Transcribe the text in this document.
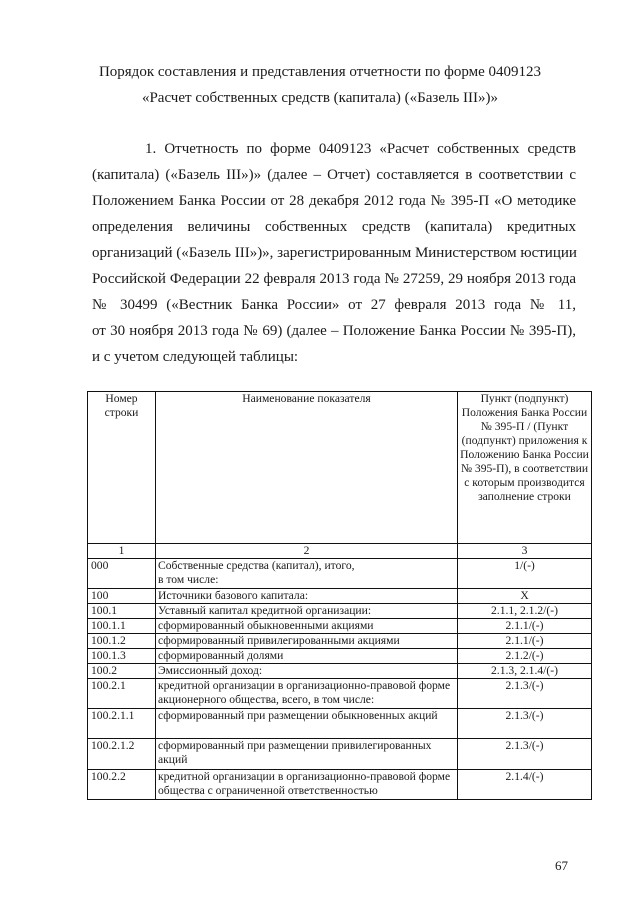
Порядок составления и представления отчетности по форме 0409123
«Расчет собственных средств (капитала) («Базель III»)»
1. Отчетность по форме 0409123 «Расчет собственных средств
(капитала) («Базель III»)» (далее – Отчет) составляется в соответствии с
Положением Банка России от 28 декабря 2012 года № 395-П «О методике
определения величины собственных средств (капитала) кредитных
организаций («Базель III»)», зарегистрированным Министерством юстиции
Российской Федерации 22 февраля 2013 года № 27259, 29 ноября 2013 года
№ 30499 («Вестник Банка России» от 27 февраля 2013 года № 11,
от 30 ноября 2013 года № 69) (далее – Положение Банка России № 395-П),
и с учетом следующей таблицы:
Номер строки	Наименование показателя	Пункт (подпункт) Положения Банка России № 395-П / (Пункт (подпункт) приложения к Положению Банка России № 395-П), в соответствии с которым производится заполнение строки
1	2	3
000	Собственные средства (капитал), итого,
в том числе:	1/(-)
100	Источники базового капитала:	X
100.1	Уставный капитал кредитной организации:	2.1.1, 2.1.2/(-)
100.1.1	сформированный обыкновенными акциями	2.1.1/(-)
100.1.2	сформированный привилегированными акциями	2.1.1/(-)
100.1.3	сформированный долями	2.1.2/(-)
100.2	Эмиссионный доход:	2.1.3, 2.1.4/(-)
100.2.1	кредитной организации в организационно-правовой форме акционерного общества, всего, в том числе:	2.1.3/(-)
100.2.1.1	сформированный при размещении обыкновенных акций	2.1.3/(-)
100.2.1.2	сформированный при размещении привилегированных акций	2.1.3/(-)
100.2.2	кредитной организации в организационно-правовой форме общества с ограниченной ответственностью	2.1.4/(-)
67
